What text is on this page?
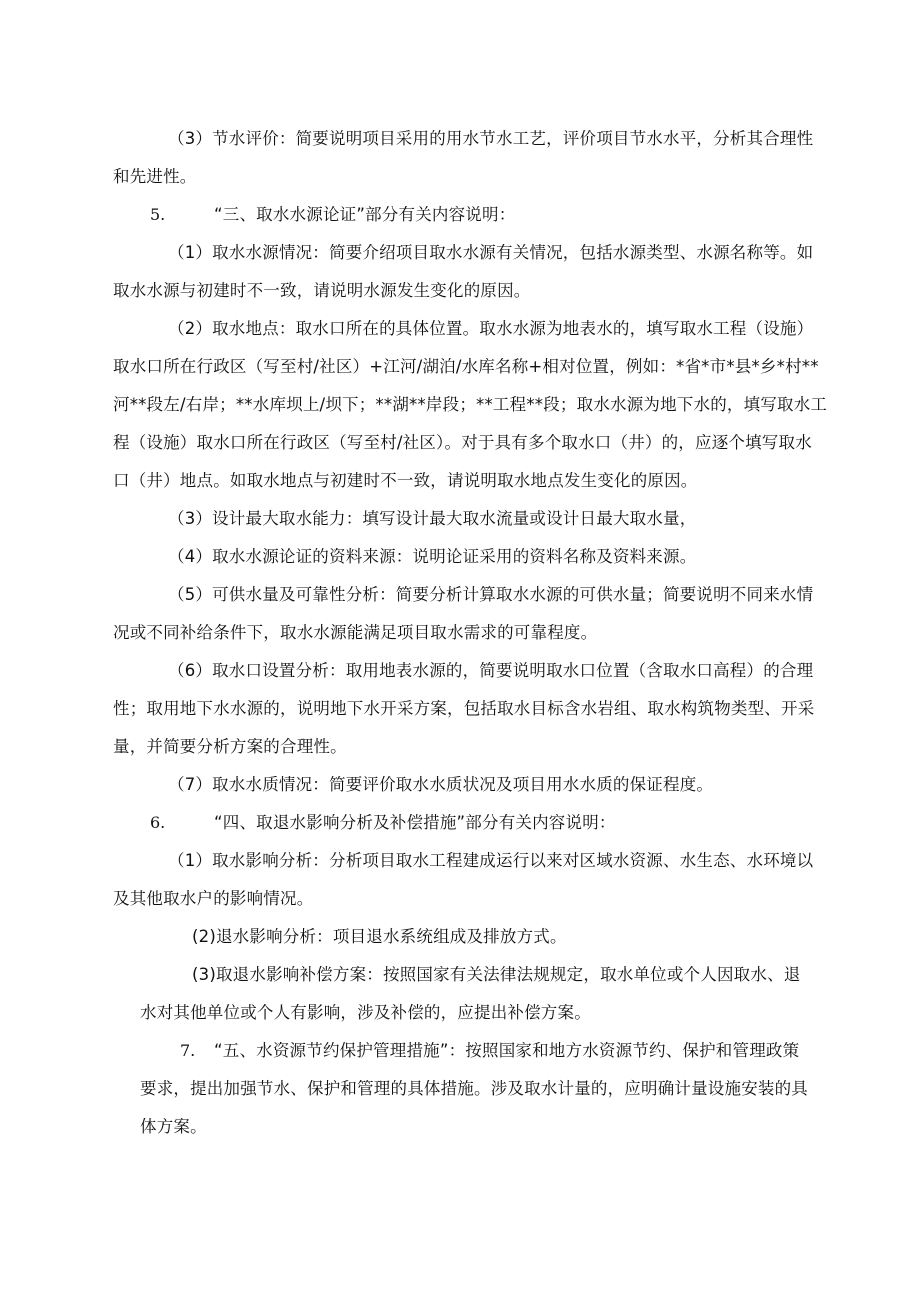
（3）节水评价：简要说明项目采用的用水节水工艺，评价项目节水水平，分析其合理性
和先进性。
5.	“三、取水水源论证”部分有关内容说明：
（1）取水水源情况：简要介绍项目取水水源有关情况，包括水源类型、水源名称等。如
取水水源与初建时不一致，请说明水源发生变化的原因。
（2）取水地点：取水口所在的具体位置。取水水源为地表水的，填写取水工程（设施）
取水口所在行政区（写至村/社区）+江河/湖泊/水库名称+相对位置，例如：*省*市*县*乡*村**
河**段左/右岸；**水库坝上/坝下；**湖**岸段；**工程**段；取水水源为地下水的，填写取水工
程（设施）取水口所在行政区（写至村/社区）。对于具有多个取水口（井）的，应逐个填写取水
口（井）地点。如取水地点与初建时不一致，请说明取水地点发生变化的原因。
（3）设计最大取水能力：填写设计最大取水流量或设计日最大取水量，
（4）取水水源论证的资料来源：说明论证采用的资料名称及资料来源。
（5）可供水量及可靠性分析：简要分析计算取水水源的可供水量；简要说明不同来水情
况或不同补给条件下，取水水源能满足项目取水需求的可靠程度。
（6）取水口设置分析：取用地表水源的，简要说明取水口位置（含取水口高程）的合理
性；取用地下水水源的，说明地下水开采方案，包括取水目标含水岩组、取水构筑物类型、开采
量，并简要分析方案的合理性。
（7）取水水质情况：简要评价取水水质状况及项目用水水质的保证程度。
6.	“四、取退水影响分析及补偿措施”部分有关内容说明：
（1）取水影响分析：分析项目取水工程建成运行以来对区域水资源、水生态、水环境以
及其他取水户的影响情况。
(2)退水影响分析：项目退水系统组成及排放方式。
(3)取退水影响补偿方案：按照国家有关法律法规规定，取水单位或个人因取水、退
水对其他单位或个人有影响，涉及补偿的，应提出补偿方案。
7. “五、水资源节约保护管理措施”：按照国家和地方水资源节约、保护和管理政策
要求，提出加强节水、保护和管理的具体措施。涉及取水计量的，应明确计量设施安装的具
体方案。
